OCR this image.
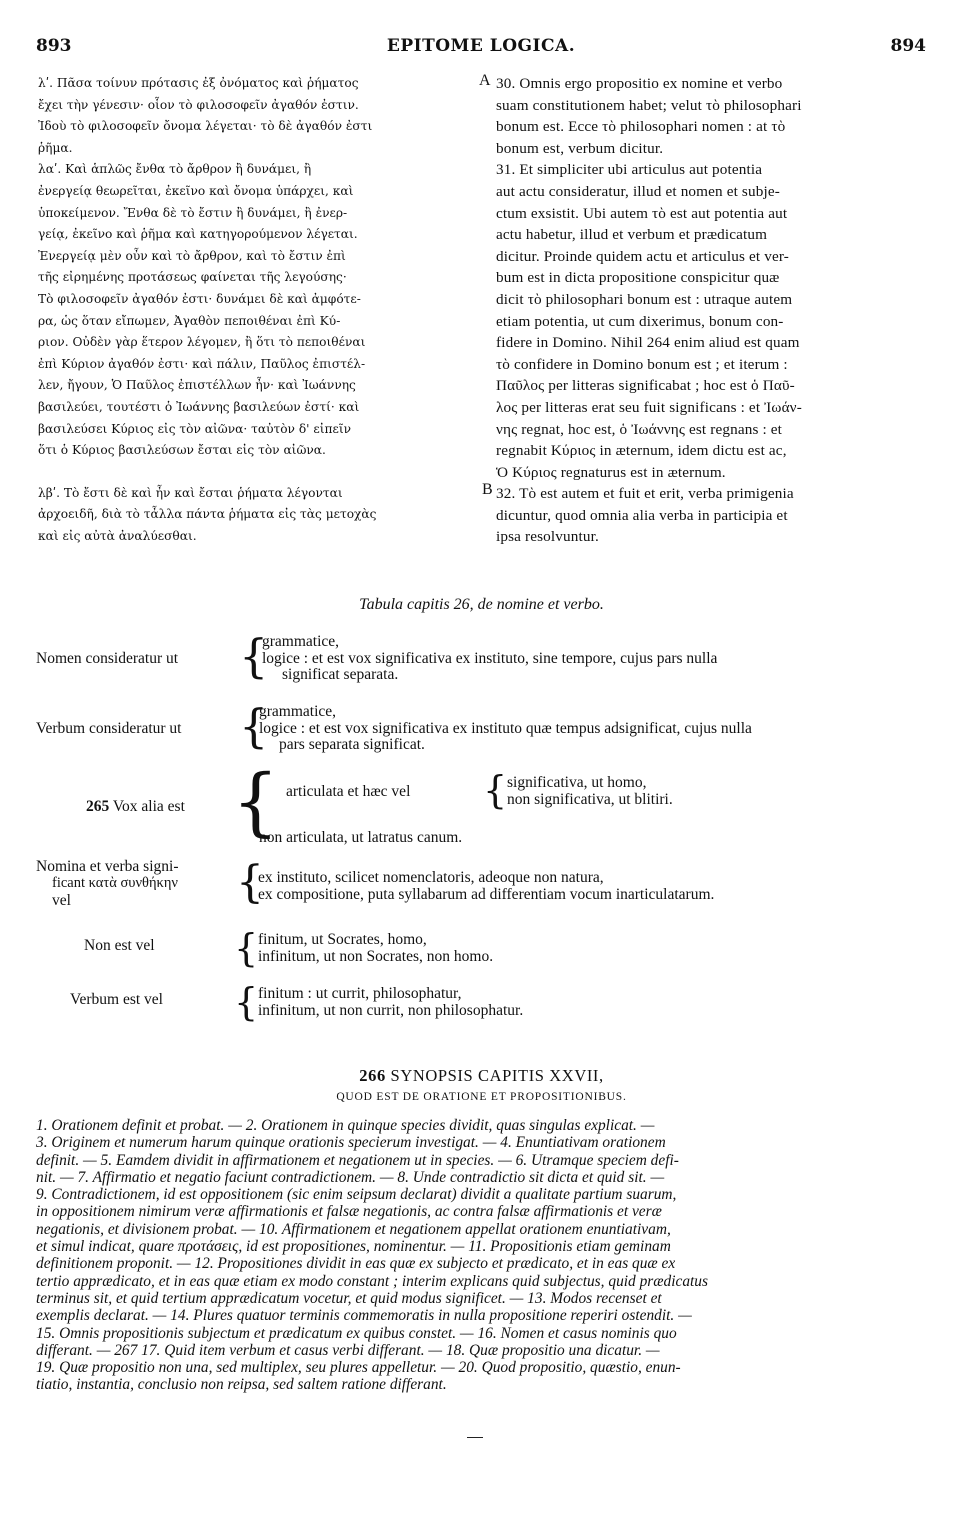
893	EPITOME LOGICA.	894
λʹ. Πᾶσα τοίνυν πρότασις ἐξ ὀνόματος καὶ ῥήματος
ἔχει τὴν γένεσιν· οἷον τὸ φιλοσοφεῖν ἀγαθόν ἐστιν.
Ἰδοὺ τὸ φιλοσοφεῖν ὄνομα λέγεται· τὸ δὲ ἀγαθόν ἐστι
ῥῆμα.
λαʹ. Καὶ ἁπλῶς ἔνθα τὸ ἄρθρον ἢ δυνάμει, ἢ
ἐνεργείᾳ θεωρεῖται, ἐκεῖνο καὶ ὄνομα ὑπάρχει, καὶ
ὑποκείμενον. Ἔνθα δὲ τὸ ἔστιν ἢ δυνάμει, ἢ ἐνερ-
γείᾳ, ἐκεῖνο καὶ ῥῆμα καὶ κατηγορούμενον λέγεται.
Ἐνεργείᾳ μὲν οὖν καὶ τὸ ἄρθρον, καὶ τὸ ἔστιν ἐπὶ
τῆς εἰρημένης προτάσεως φαίνεται τῆς λεγούσης·
Τὸ φιλοσοφεῖν ἀγαθόν ἐστι· δυνάμει δὲ καὶ ἀμφότε-
ρα, ὡς ὅταν εἴπωμεν, Ἀγαθὸν πεποιθέναι ἐπὶ Κύ-
ριον. Οὐδὲν γὰρ ἕτερον λέγομεν, ἢ ὅτι τὸ πεποιθέναι
ἐπὶ Κύριον ἀγαθόν ἐστι· καὶ πάλιν, Παῦλος ἐπιστέλ-
λεν, ἤγουν, Ὁ Παῦλος ἐπιστέλλων ἦν· καὶ Ἰωάννης
βασιλεύει, τουτέστι ὁ Ἰωάννης βασιλεύων ἐστί· καὶ
βασιλεύσει Κύριος εἰς τὸν αἰῶνα· ταὐτὸν δ' εἰπεῖν
ὅτι ὁ Κύριος βασιλεύσων ἔσται εἰς τὸν αἰῶνα.
λβʹ. Τὸ ἔστι δὲ καὶ ἦν καὶ ἔσται ῥήματα λέγονται
ἀρχοειδῆ, διὰ τὸ τἆλλα πάντα ῥήματα εἰς τὰς μετοχὰς
καὶ εἰς αὐτὰ ἀναλύεσθαι.
30. Omnis ergo propositio ex nomine et verbo
suam constitutionem habet; velut τὸ philosophari
bonum est. Ecce τὸ philosophari nomen : at τὸ
bonum est, verbum dicitur.
31. Et simpliciter ubi articulus aut potentia
aut actu consideratur, illud et nomen et subje-
ctum exsistit. Ubi autem τὸ est aut potentia aut
actu habetur, illud et verbum et prædicatum
dicitur. Proinde quidem actu et articulus et ver-
bum est in dicta propositione conspicitur quæ
dicit τὸ philosophari bonum est : utraque autem
etiam potentia, ut cum dixerimus, bonum con-
fidere in Domino. Nihil 264 enim aliud est quam
τὸ confidere in Domino bonum est ; et iterum :
Παῦλος per litteras significabat ; hoc est ὁ Παῦ-
λος per litteras erat seu fuit significans : et Ἰωάν-
νης regnat, hoc est, ὁ Ἰωάννης est regnans : et
regnabit Κύριος in æternum, idem dictu est ac,
Ὁ Κύριος regnaturus est in æternum.
32. Τὸ est autem et fuit et erit, verba primigenia
dicuntur, quod omnia alia verba in participia et
ipsa resolvuntur.
A
B
Tabula capitis 26, de nomine et verbo.
Nomen consideratur ut {
grammatice,
logice : et est vox significativa ex instituto, sine tempore, cujus pars nulla
significat separata.
Verbum consideratur ut {
grammatice,
logice : et est vox significativa ex instituto quæ tempus adsignificat, cujus nulla
pars separata significat.
265 Vox alia est { articulata et hæc vel { significativa, ut homo,
non significativa, ut blitiri.
non articulata, ut latratus canum.
Nomina et verba signi-
ficant κατὰ συνθήκην
vel	{
ex instituto, scilicet nomenclatoris, adeoque non natura,
ex compositione, puta syllabarum ad differentiam vocum inarticulatarum.
Non est vel { finitum, ut Socrates, homo,
infinitum, ut non Socrates, non homo.
Verbum est vel { finitum : ut currit, philosophatur,
infinitum, ut non currit, non philosophatur.
266 SYNOPSIS CAPITIS XXVII,
QUOD EST DE ORATIONE ET PROPOSITIONIBUS.
1. Orationem definit et probat. — 2. Orationem in quinque species dividit, quas singulas explicat. —
3. Originem et numerum harum quinque orationis specierum investigat. — 4. Enuntiativam orationem
definit. — 5. Eamdem dividit in affirmationem et negationem ut in species. — 6. Utramque speciem defi-
nit. — 7. Affirmatio et negatio faciunt contradictionem. — 8. Unde contradictio sit dicta et quid sit. —
9. Contradictionem, id est oppositionem (sic enim seipsum declarat) dividit a qualitate partium suarum,
in oppositionem nimirum veræ affirmationis et falsæ negationis, ac contra falsæ affirmationis et veræ
negationis, et divisionem probat. — 10. Affirmationem et negationem appellat orationem enuntiativam,
et simul indicat, quare προτάσεις, id est propositiones, nominentur. — 11. Propositionis etiam geminam
definitionem proponit. — 12. Propositiones dividit in eas quæ ex subjecto et prædicato, et in eas quæ ex
tertio apprædicato, et in eas quæ etiam ex modo constant ; interim explicans quid subjectus, quid prædicatus
terminus sit, et quid tertium apprædicatum vocetur, et quid modus significet. — 13. Modos recenset et
exemplis declarat. — 14. Plures quatuor terminis commemoratis in nulla propositione reperiri ostendit. —
15. Omnis propositionis subjectum et prædicatum ex quibus constet. — 16. Nomen et casus nominis quo
differant. — 267 17. Quid item verbum et casus verbi differant. — 18. Quæ propositio una dicatur. —
19. Quæ propositio non una, sed multiplex, seu plures appelletur. — 20. Quod propositio, quæstio, enun-
tiatio, instantia, conclusio non reipsa, sed saltem ratione differant.
